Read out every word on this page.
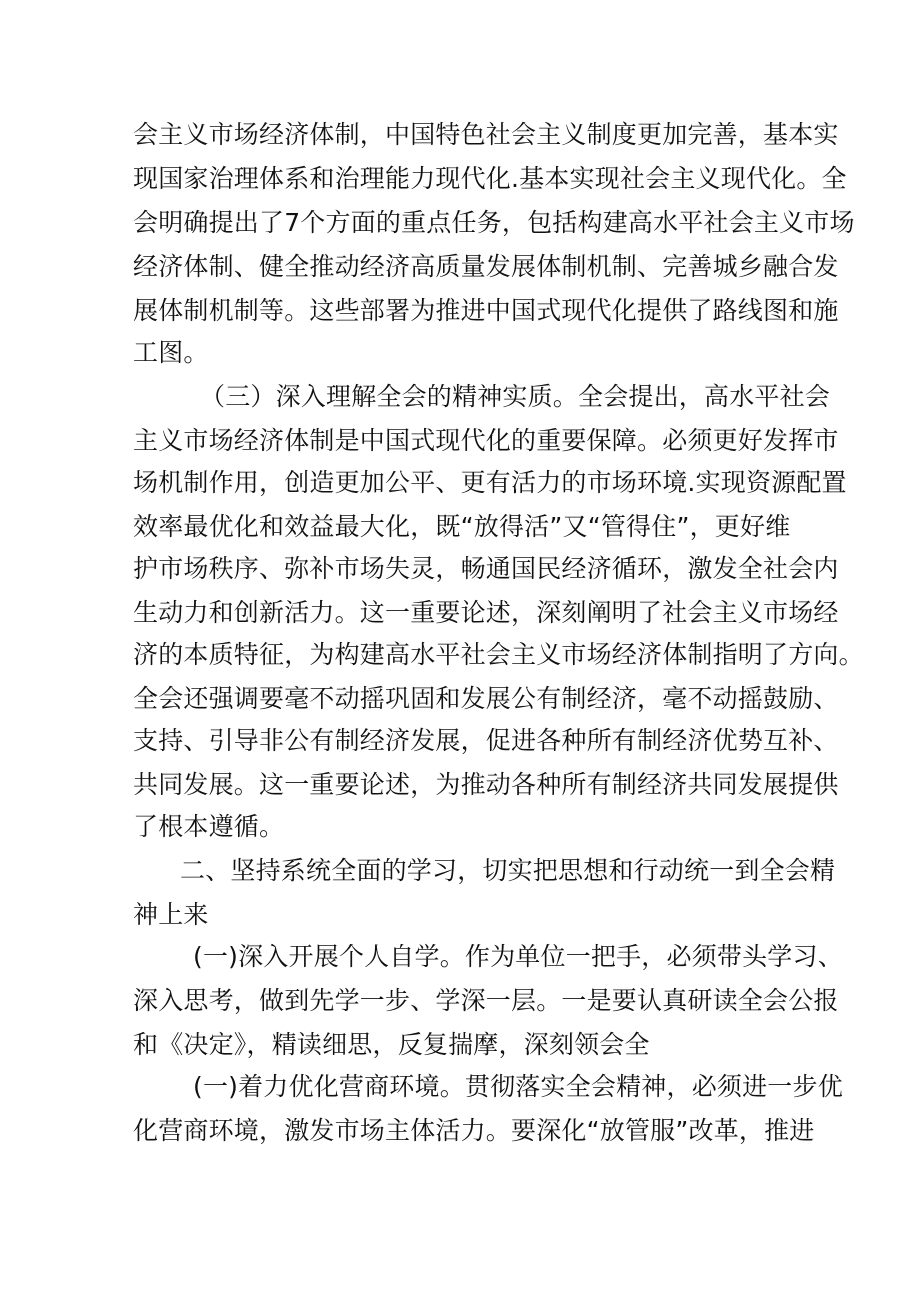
会主义市场经济体制，中国特色社会主义制度更加完善，基本实
现国家治理体系和治理能力现代化.基本实现社会主义现代化。全
会明确提出了7个方面的重点任务，包括构建高水平社会主义市场
经济体制、健全推动经济高质量发展体制机制、完善城乡融合发
展体制机制等。这些部署为推进中国式现代化提供了路线图和施
工图。
（三）深入理解全会的精神实质。全会提出，高水平社会
主义市场经济体制是中国式现代化的重要保障。必须更好发挥市
场机制作用，创造更加公平、更有活力的市场环境.实现资源配置
效率最优化和效益最大化，既“放得活”又“管得住”，更好维
护市场秩序、弥补市场失灵，畅通国民经济循环，激发全社会内
生动力和创新活力。这一重要论述，深刻阐明了社会主义市场经
济的本质特征，为构建高水平社会主义市场经济体制指明了方向。
全会还强调要毫不动摇巩固和发展公有制经济，毫不动摇鼓励、
支持、引导非公有制经济发展，促进各种所有制经济优势互补、
共同发展。这一重要论述，为推动各种所有制经济共同发展提供
了根本遵循。
二、坚持系统全面的学习，切实把思想和行动统一到全会精
神上来
(一)深入开展个人自学。作为单位一把手，必须带头学习、
深入思考，做到先学一步、学深一层。一是要认真研读全会公报
和《决定》，精读细思，反复揣摩，深刻领会全
(一)着力优化营商环境。贯彻落实全会精神，必须进一步优
化营商环境，激发市场主体活力。要深化“放管服”改革，推进
